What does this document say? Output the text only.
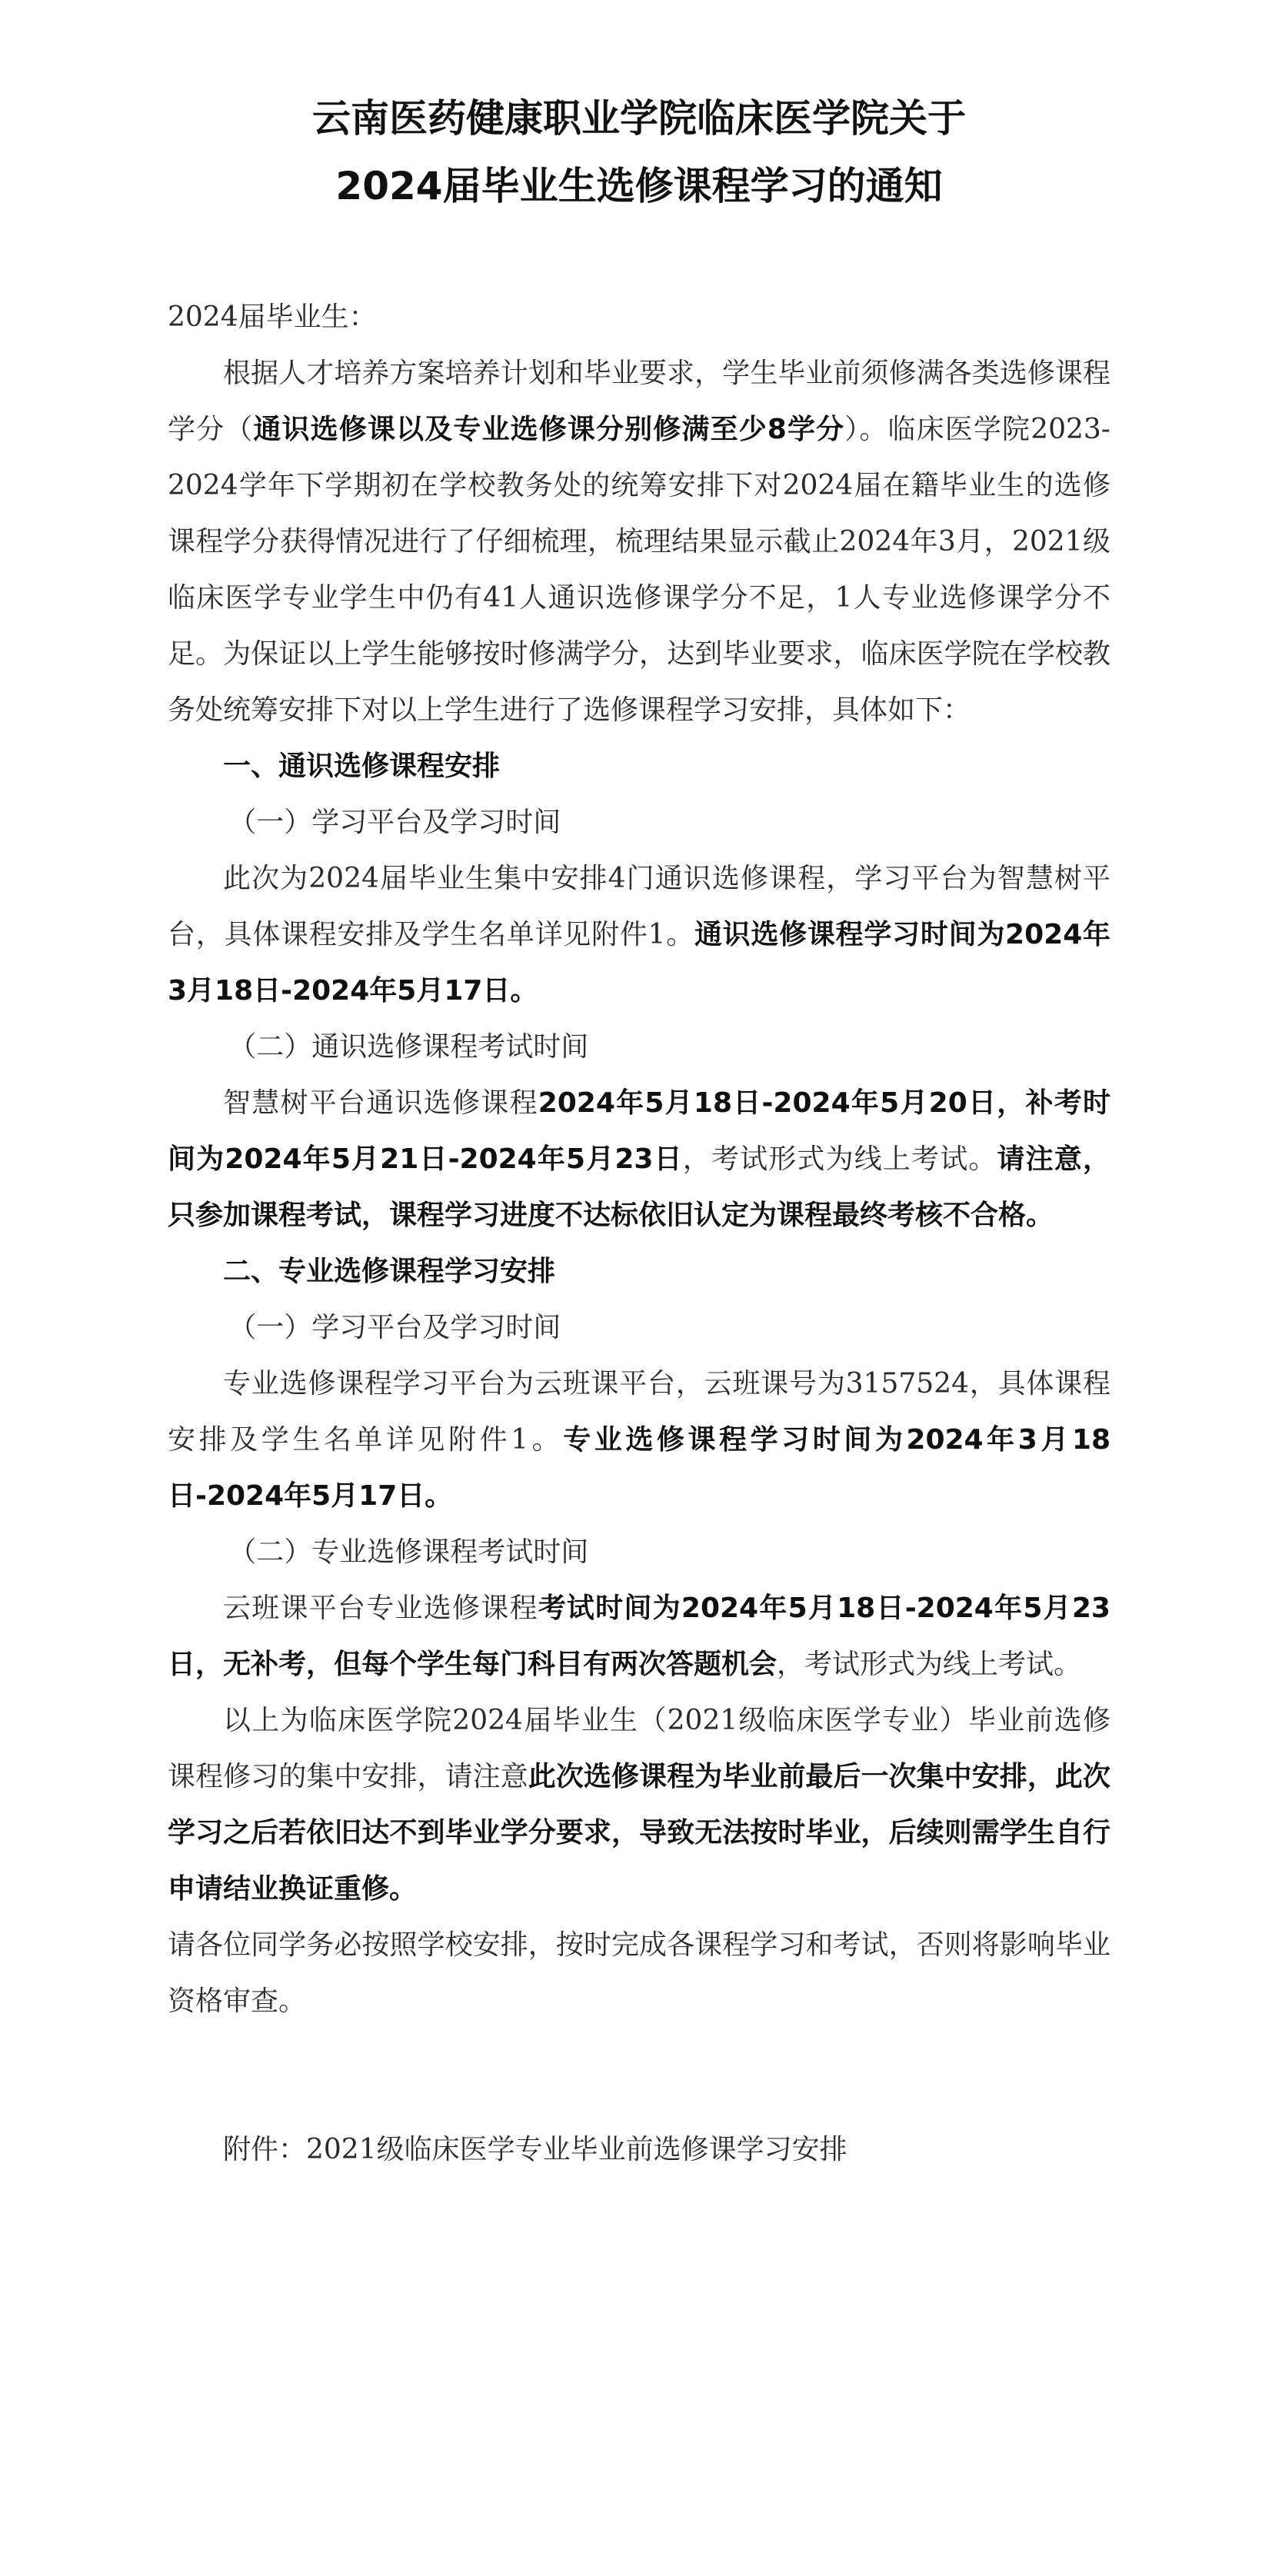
云南医药健康职业学院临床医学院关于
2024届毕业生选修课程学习的通知

2024届毕业生：

根据人才培养方案培养计划和毕业要求，学生毕业前须修满各类选修课程学分（通识选修课以及专业选修课分别修满至少8学分）。临床医学院2023-2024学年下学期初在学校教务处的统筹安排下对2024届在籍毕业生的选修课程学分获得情况进行了仔细梳理，梳理结果显示截止2024年3月，2021级临床医学专业学生中仍有41人通识选修课学分不足，1人专业选修课学分不足。为保证以上学生能够按时修满学分，达到毕业要求，临床医学院在学校教务处统筹安排下对以上学生进行了选修课程学习安排，具体如下：

一、通识选修课程安排

（一）学习平台及学习时间

此次为2024届毕业生集中安排4门通识选修课程，学习平台为智慧树平台，具体课程安排及学生名单详见附件1。通识选修课程学习时间为2024年3月18日-2024年5月17日。

（二）通识选修课程考试时间

智慧树平台通识选修课程2024年5月18日-2024年5月20日，补考时间为2024年5月21日-2024年5月23日，考试形式为线上考试。请注意，只参加课程考试，课程学习进度不达标依旧认定为课程最终考核不合格。

二、专业选修课程学习安排

（一）学习平台及学习时间

专业选修课程学习平台为云班课平台，云班课号为3157524，具体课程安排及学生名单详见附件1。专业选修课程学习时间为2024年3月18日-2024年5月17日。

（二）专业选修课程考试时间

云班课平台专业选修课程考试时间为2024年5月18日-2024年5月23日，无补考，但每个学生每门科目有两次答题机会，考试形式为线上考试。

以上为临床医学院2024届毕业生（2021级临床医学专业）毕业前选修课程修习的集中安排，请注意此次选修课程为毕业前最后一次集中安排，此次学习之后若依旧达不到毕业学分要求，导致无法按时毕业，后续则需学生自行申请结业换证重修。

请各位同学务必按照学校安排，按时完成各课程学习和考试，否则将影响毕业资格审查。

附件：2021级临床医学专业毕业前选修课学习安排
